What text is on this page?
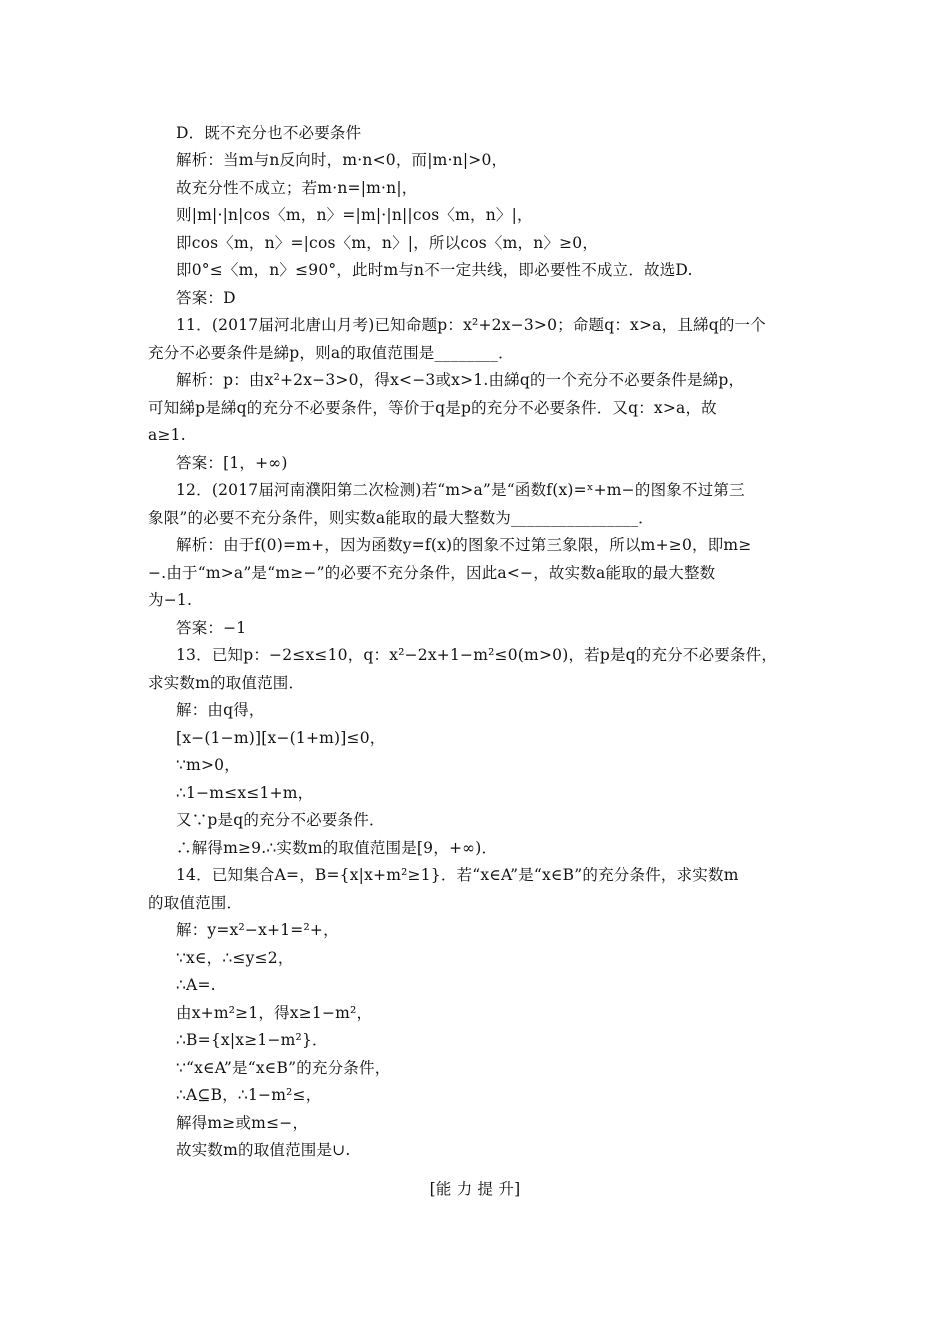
D．既不充分也不必要条件
解析：当m与n反向时，m·n<0，而|m·n|>0，
故充分性不成立；若m·n=|m·n|，
则|m|·|n|cos〈m，n〉=|m|·|n||cos〈m，n〉|，
即cos〈m，n〉=|cos〈m，n〉|，所以cos〈m，n〉≥0，
即0°≤〈m，n〉≤90°，此时m与n不一定共线，即必要性不成立．故选D.
答案：D
11．(2017届河北唐山月考)已知命题p：x²+2x−3>0；命题q：x>a，且綈q的一个
充分不必要条件是綈p，则a的取值范围是________．
解析：p：由x²+2x−3>0，得x<−3或x>1.由綈q的一个充分不必要条件是綈p，
可知綈p是綈q的充分不必要条件，等价于q是p的充分不必要条件．又q：x>a，故
a≥1.
答案：[1，+∞)
12．(2017届河南濮阳第二次检测)若“m>a”是“函数f(x)=ˣ+m−的图象不过第三
象限”的必要不充分条件，则实数a能取的最大整数为________________．
解析：由于f(0)=m+，因为函数y=f(x)的图象不过第三象限，所以m+≥0，即m≥
−.由于“m>a”是“m≥−”的必要不充分条件，因此a<−，故实数a能取的最大整数
为−1.
答案：−1
13．已知p：−2≤x≤10，q：x²−2x+1−m²≤0(m>0)，若p是q的充分不必要条件，
求实数m的取值范围．
解：由q得，
[x−(1−m)][x−(1+m)]≤0，
∵m>0，
∴1−m≤x≤1+m，
又∵p是q的充分不必要条件．
∴解得m≥9.∴实数m的取值范围是[9，+∞)．
14．已知集合A=，B={x|x+m²≥1}．若“x∈A”是“x∈B”的充分条件，求实数m
的取值范围．
解：y=x²−x+1=²+，
∵x∈，∴≤y≤2，
∴A=.
由x+m²≥1，得x≥1−m²，
∴B={x|x≥1−m²}．
∵“x∈A”是“x∈B”的充分条件，
∴A⊆B，∴1−m²≤，
解得m≥或m≤−，
故实数m的取值范围是∪.
[能 力 提 升]
